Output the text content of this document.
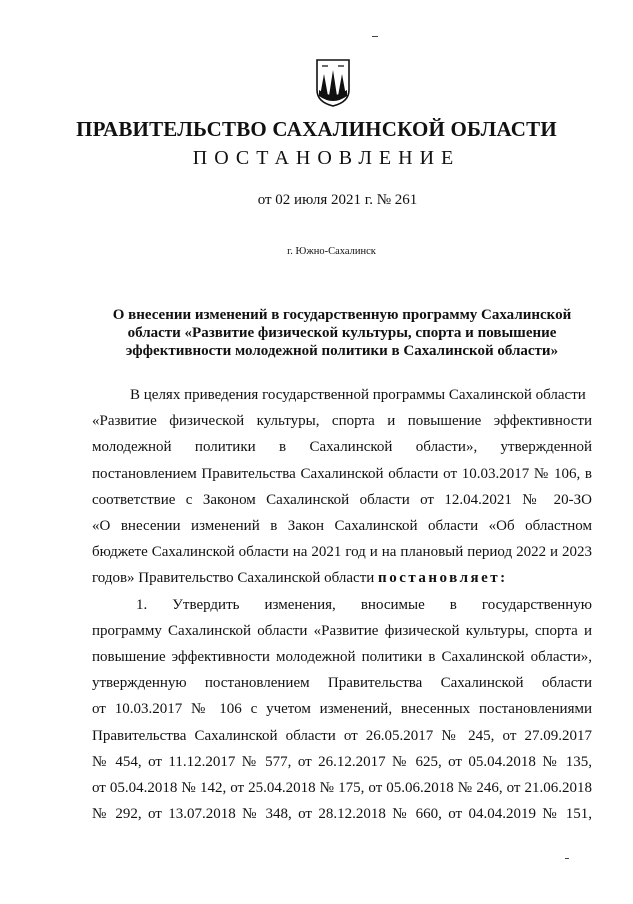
ПРАВИТЕЛЬСТВО САХАЛИНСКОЙ ОБЛАСТИ
ПОСТАНОВЛЕНИЕ
от 02 июля 2021 г. № 261
г. Южно-Сахалинск
О внесении изменений в государственную программу Сахалинской
области «Развитие физической культуры, спорта и повышение
эффективности молодежной политики в Сахалинской области»
В целях приведения государственной программы Сахалинской области
«Развитие физической культуры, спорта и повышение эффективности
молодежной политики в Сахалинской области», утвержденной
постановлением Правительства Сахалинской области от 10.03.2017 № 106, в
соответствие с Законом Сахалинской области от 12.04.2021 № 20-ЗО
«О внесении изменений в Закон Сахалинской области «Об областном
бюджете Сахалинской области на 2021 год и на плановый период 2022 и 2023
годов» Правительство Сахалинской области постановляет:
1. Утвердить изменения, вносимые в государственную
программу Сахалинской области «Развитие физической культуры, спорта и
повышение эффективности молодежной политики в Сахалинской области»,
утвержденную постановлением Правительства Сахалинской области
от 10.03.2017 № 106 с учетом изменений, внесенных постановлениями
Правительства Сахалинской области от 26.05.2017 № 245, от 27.09.2017
№ 454, от 11.12.2017 № 577, от 26.12.2017 № 625, от 05.04.2018 № 135,
от 05.04.2018 № 142, от 25.04.2018 № 175, от 05.06.2018 № 246, от 21.06.2018
№ 292, от 13.07.2018 № 348, от 28.12.2018 № 660, от 04.04.2019 № 151,
